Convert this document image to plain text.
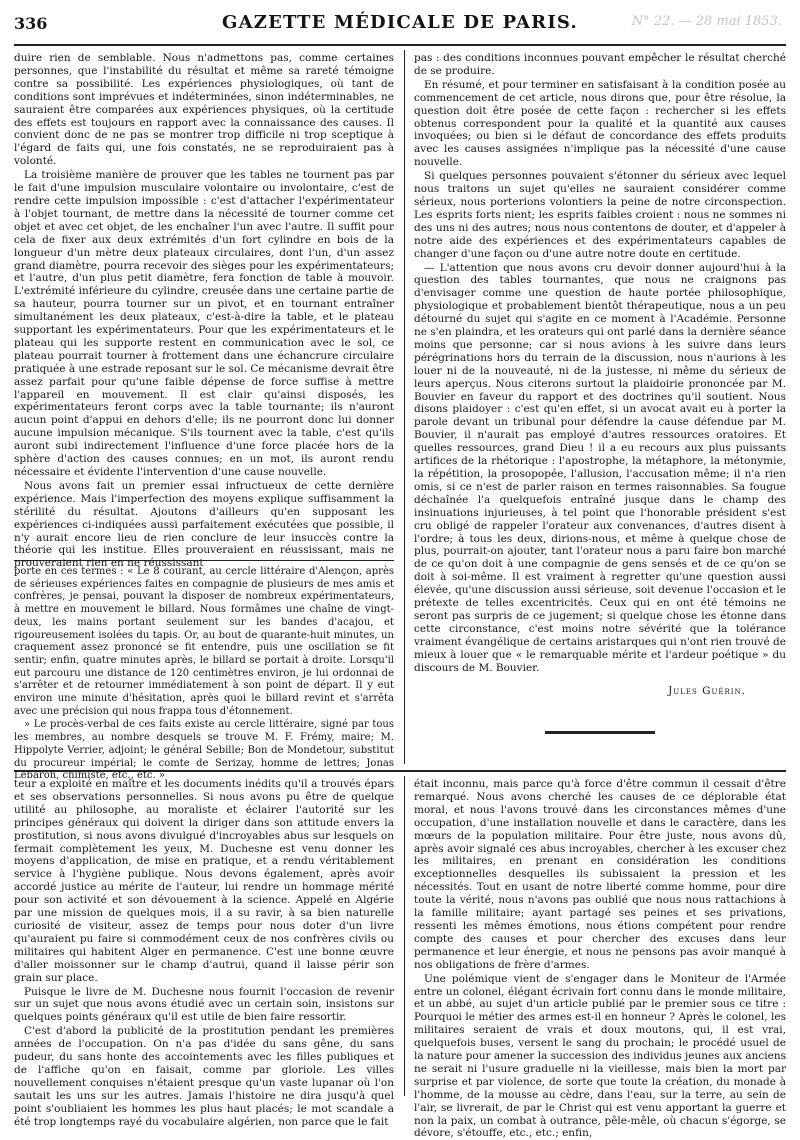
336	GAZETTE MÉDICALE DE PARIS.	N° 22. — 28 mai 1853.

duire rien de semblable. Nous n'admettons pas, comme certaines personnes, que l'instabilité du résultat et même sa rareté témoigne contre sa possibilité. Les expériences physiologiques, où tant de conditions sont imprévues et indéterminées, sinon indéterminables, ne sauraient être comparées aux expériences physiques, où la certitude des effets est toujours en rapport avec la connaissance des causes. Il convient donc de ne pas se montrer trop difficile ni trop sceptique à l'égard de faits qui, une fois constatés, ne se reproduiraient pas à volonté.

La troisième manière de prouver que les tables ne tournent pas par le fait d'une impulsion musculaire volontaire ou involontaire, c'est de rendre cette impulsion impossible : c'est d'attacher l'expérimentateur à l'objet tournant, de mettre dans la nécessité de tourner comme cet objet et avec cet objet, de les enchaîner l'un avec l'autre. Il suffit pour cela de fixer aux deux extrémités d'un fort cylindre en bois de la longueur d'un mètre deux plateaux circulaires, dont l'un, d'un assez grand diamètre, pourra recevoir des sièges pour les expérimentateurs; et l'autre, d'un plus petit diamètre, fera fonction de table à mouvoir. L'extrémité inférieure du cylindre, creusée dans une certaine partie de sa hauteur, pourra tourner sur un pivot, et en tournant entraîner simultanément les deux plateaux, c'est-à-dire la table, et le plateau supportant les expérimentateurs. Pour que les expérimentateurs et le plateau qui les supporte restent en communication avec le sol, ce plateau pourrait tourner à frottement dans une échancrure circulaire pratiquée à une estrade reposant sur le sol. Ce mécanisme devrait être assez parfait pour qu'une faible dépense de force suffise à mettre l'appareil en mouvement. Il est clair qu'ainsi disposés, les expérimentateurs feront corps avec la table tournante; ils n'auront aucun point d'appui en dehors d'elle; ils ne pourront donc lui donner aucune impulsion mécanique. S'ils tournent avec la table, c'est qu'ils auront subi indirectement l'influence d'une force placée hors de la sphère d'action des causes connues; en un mot, ils auront rendu nécessaire et évidente l'intervention d'une cause nouvelle.

Nous avons fait un premier essai infructueux de cette dernière expérience. Mais l'imperfection des moyens explique suffisamment la stérilité du résultat. Ajoutons d'ailleurs qu'en supposant les expériences ci-indiquées aussi parfaitement exécutées que possible, il n'y aurait encore lieu de rien conclure de leur insuccès contre la théorie qui les institue. Elles prouveraient en réussissant, mais ne prouveraient rien en ne réussissant

porte en ces termes : « Le 8 courant, au cercle littéraire d'Alençon, après de sérieuses expériences faites en compagnie de plusieurs de mes amis et confrères, je pensai, pouvant la disposer de nombreux expérimentateurs, à mettre en mouvement le billard. Nous formâmes une chaîne de vingt-deux, les mains portant seulement sur les bandes d'acajou, et rigoureusement isolées du tapis. Or, au bout de quarante-huit minutes, un craquement assez prononcé se fit entendre, puis une oscillation se fit sentir; enfin, quatre minutes après, le billard se portait à droite. Lorsqu'il eut parcouru une distance de 120 centimètres environ, je lui ordonnai de s'arrêter et de retourner immédiatement à son point de départ. Il y eut environ une minute d'hésitation, après quoi le billard revint et s'arrêta avec une précision qui nous frappa tous d'étonnement.

» Le procès-verbal de ces faits existe au cercle littéraire, signé par tous les membres, au nombre desquels se trouve M. F. Frémy, maire; M. Hippolyte Verrier, adjoint; le général Sebille; Bon de Mondetour, substitut du procureur impérial; le comte de Serizay, homme de lettres; Jonas Lebaron, chimiste, etc., etc. »

pas : des conditions inconnues pouvant empêcher le résultat cherché de se produire.

En résumé, et pour terminer en satisfaisant à la condition posée au commencement de cet article, nous dirons que, pour être résolue, la question doit être posée de cette façon : rechercher si les effets obtenus correspondent pour la qualité et la quantité aux causes invoquées; ou bien si le défaut de concordance des effets produits avec les causes assignées n'implique pas la nécessité d'une cause nouvelle.

Si quelques personnes pouvaient s'étonner du sérieux avec lequel nous traitons un sujet qu'elles ne sauraient considérer comme sérieux, nous porterions volontiers la peine de notre circonspection. Les esprits forts nient; les esprits faibles croient : nous ne sommes ni des uns ni des autres; nous nous contentons de douter, et d'appeler à notre aide des expériences et des expérimentateurs capables de changer d'une façon ou d'une autre notre doute en certitude.

— L'attention que nous avons cru devoir donner aujourd'hui à la question des tables tournantes, que nous ne craignons pas d'envisager comme une question de haute portée philosophique, physiologique et probablement bientôt thérapeutique, nous a un peu détourné du sujet qui s'agite en ce moment à l'Académie. Personne ne s'en plaindra, et les orateurs qui ont parlé dans la dernière séance moins que personne; car si nous avions à les suivre dans leurs pérégrinations hors du terrain de la discussion, nous n'aurions à les louer ni de la nouveauté, ni de la justesse, ni même du sérieux de leurs aperçus. Nous citerons surtout la plaidoirie prononcée par M. Bouvier en faveur du rapport et des doctrines qu'il soutient. Nous disons plaidoyer : c'est qu'en effet, si un avocat avait eu à porter la parole devant un tribunal pour défendre la cause défendue par M. Bouvier, il n'aurait pas employé d'autres ressources oratoires. Et quelles ressources, grand Dieu ! il a eu recours aux plus puissants artifices de la rhétorique : l'apostrophe, la métaphore, la métonymie, la répétition, la prosopopée, l'allusion, l'accusation même; il n'a rien omis, si ce n'est de parler raison en termes raisonnables. Sa fougue déchaînée l'a quelquefois entraîné jusque dans le champ des insinuations injurieuses, à tel point que l'honorable président s'est cru obligé de rappeler l'orateur aux convenances, d'autres disent à l'ordre; à tous les deux, dirions-nous, et même à quelque chose de plus, pourrait-on ajouter, tant l'orateur nous a paru faire bon marché de ce qu'on doit à une compagnie de gens sensés et de ce qu'on se doit à soi-même. Il est vraiment à regretter qu'une question aussi élevée, qu'une discussion aussi sérieuse, soit devenue l'occasion et le prétexte de telles excentricités. Ceux qui en ont été témoins ne seront pas surpris de ce jugement; si quelque chose les étonne dans cette circonstance, c'est moins notre sévérité que la tolérance vraiment évangélique de certains aristarques qui n'ont rien trouvé de mieux à louer que « le remarquable mérite et l'ardeur poétique » du discours de M. Bouvier.

Jules Guérin.

teur a exploité en maître et les documents inédits qu'il a trouvés épars et ses observations personnelles. Si nous avons pu être de quelque utilité au philosophe, au moraliste et éclairer l'autorité sur les principes généraux qui doivent la diriger dans son attitude envers la prostitution, si nous avons divulgué d'incroyables abus sur lesquels on fermait complètement les yeux, M. Duchesne est venu donner les moyens d'application, de mise en pratique, et a rendu véritablement service à l'hygiène publique. Nous devons également, après avoir accordé justice au mérite de l'auteur, lui rendre un hommage mérité pour son activité et son dévouement à la science. Appelé en Algérie par une mission de quelques mois, il a su ravir, à sa bien naturelle curiosité de visiteur, assez de temps pour nous doter d'un livre qu'auraient pu faire si commodément ceux de nos confrères civils ou militaires qui habitent Alger en permanence. C'est une bonne œuvre d'aller moissonner sur le champ d'autrui, quand il laisse périr son grain sur place.

Puisque le livre de M. Duchesne nous fournit l'occasion de revenir sur un sujet que nous avons étudié avec un certain soin, insistons sur quelques points généraux qu'il est utile de bien faire ressortir.

C'est d'abord la publicité de la prostitution pendant les premières années de l'occupation. On n'a pas d'idée du sans gêne, du sans pudeur, du sans honte des accointements avec les filles publiques et de l'affiche qu'on en faisait, comme par gloriole. Les villes nouvellement conquises n'étaient presque qu'un vaste lupanar où l'on sautait les uns sur les autres. Jamais l'histoire ne dira jusqu'à quel point s'oubliaient les hommes les plus haut placés; le mot scandale a été trop longtemps rayé du vocabulaire algérien, non parce que le fait

était inconnu, mais parce qu'à force d'être commun il cessait d'être remarqué. Nous avons cherché les causes de ce déplorable état moral, et nous l'avons trouvé dans les circonstances mêmes d'une occupation, d'une installation nouvelle et dans le caractère, dans les mœurs de la population militaire. Pour être juste, nous avons dû, après avoir signalé ces abus incroyables, chercher à les excuser chez les militaires, en prenant en considération les conditions exceptionnelles desquelles ils subissaient la pression et les nécessités. Tout en usant de notre liberté comme homme, pour dire toute la vérité, nous n'avons pas oublié que nous nous rattachions à la famille militaire; ayant partagé ses peines et ses privations, ressenti les mêmes émotions, nous étions compétent pour rendre compte des causes et pour chercher des excuses dans leur permanence et leur énergie, et nous ne pensons pas avoir manqué à nos obligations de frère d'armes.

Une polémique vient de s'engager dans le Moniteur de l'Armée entre un colonel, élégant écrivain fort connu dans le monde militaire, et un abbé, au sujet d'un article publié par le premier sous ce titre : Pourquoi le métier des armes est-il en honneur ? Après le colonel, les militaires seraient de vrais et doux moutons, qui, il est vrai, quelquefois buses, versent le sang du prochain; le procédé usuel de la nature pour amener la succession des individus jeunes aux anciens ne serait ni l'usure graduelle ni la vieillesse, mais bien la mort par surprise et par violence, de sorte que toute la création, du monade à l'homme, de la mousse au cèdre, dans l'eau, sur la terre, au sein de l'air, se livrerait, de par le Christ qui est venu apportant la guerre et non la paix, un combat à outrance, pêle-mêle, où chacun s'égorge, se dévore, s'étouffe, etc., etc.; enfin,
